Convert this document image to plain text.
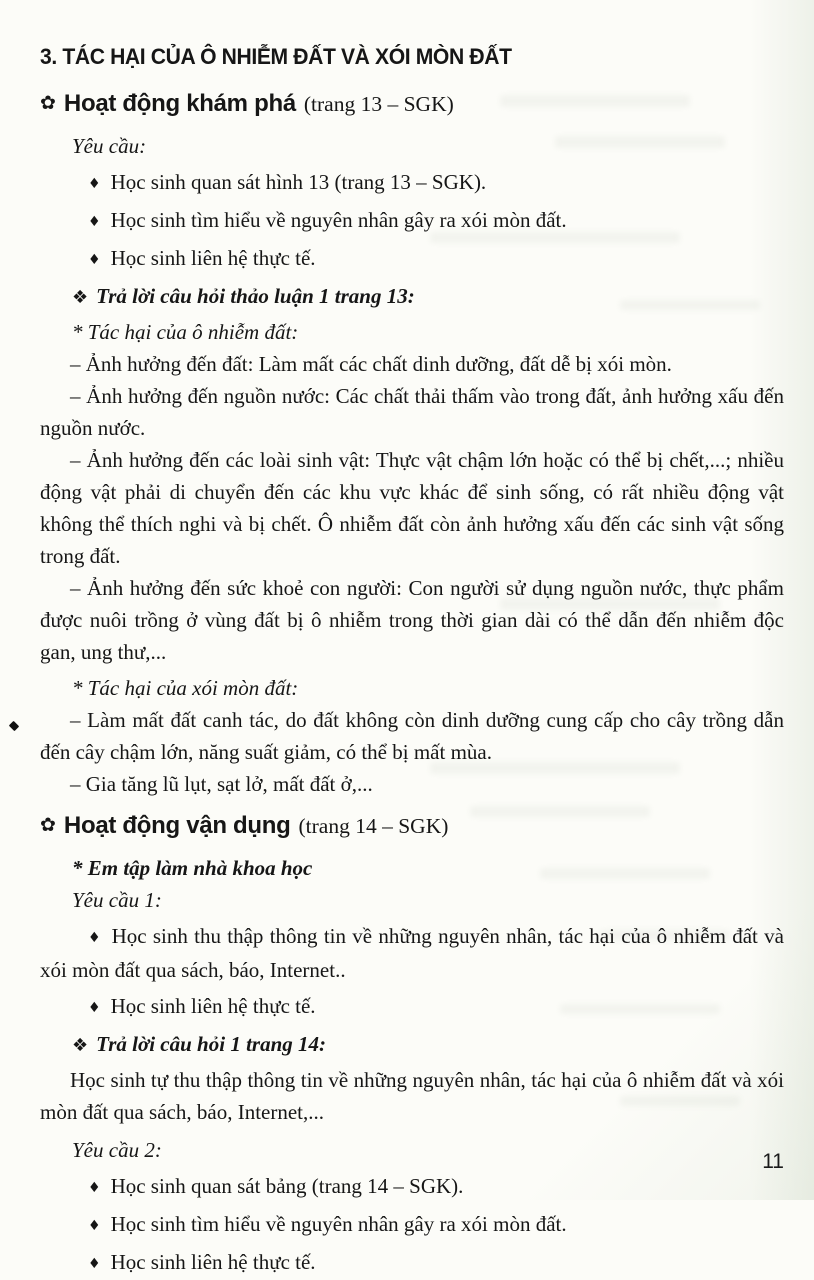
3. TÁC HẠI CỦA Ô NHIỄM ĐẤT VÀ XÓI MÒN ĐẤT
✿ Hoạt động khám phá (trang 13 – SGK)

Yêu cầu:

♦ Học sinh quan sát hình 13 (trang 13 – SGK).

♦ Học sinh tìm hiểu về nguyên nhân gây ra xói mòn đất.

♦ Học sinh liên hệ thực tế.

❖ Trả lời câu hỏi thảo luận 1 trang 13:

* Tác hại của ô nhiễm đất:

– Ảnh hưởng đến đất: Làm mất các chất dinh dưỡng, đất dễ bị xói mòn.

– Ảnh hưởng đến nguồn nước: Các chất thải thấm vào trong đất, ảnh hưởng xấu đến nguồn nước.

– Ảnh hưởng đến các loài sinh vật: Thực vật chậm lớn hoặc có thể bị chết,...; nhiều động vật phải di chuyển đến các khu vực khác để sinh sống, có rất nhiều động vật không thể thích nghi và bị chết. Ô nhiễm đất còn ảnh hưởng xấu đến các sinh vật sống trong đất.

– Ảnh hưởng đến sức khoẻ con người: Con người sử dụng nguồn nước, thực phẩm được nuôi trồng ở vùng đất bị ô nhiễm trong thời gian dài có thể dẫn đến nhiễm độc gan, ung thư,...

* Tác hại của xói mòn đất:

– Làm mất đất canh tác, do đất không còn dinh dưỡng cung cấp cho cây trồng dẫn đến cây chậm lớn, năng suất giảm, có thể bị mất mùa.

– Gia tăng lũ lụt, sạt lở, mất đất ở,...

✿ Hoạt động vận dụng (trang 14 – SGK)

* Em tập làm nhà khoa học

Yêu cầu 1:

♦ Học sinh thu thập thông tin về những nguyên nhân, tác hại của ô nhiễm đất và xói mòn đất qua sách, báo, Internet..

♦ Học sinh liên hệ thực tế.

❖ Trả lời câu hỏi 1 trang 14:

Học sinh tự thu thập thông tin về những nguyên nhân, tác hại của ô nhiễm đất và xói mòn đất qua sách, báo, Internet,...

Yêu cầu 2:

♦ Học sinh quan sát bảng (trang 14 – SGK).

♦ Học sinh tìm hiểu về nguyên nhân gây ra xói mòn đất.

♦ Học sinh liên hệ thực tế.

11
